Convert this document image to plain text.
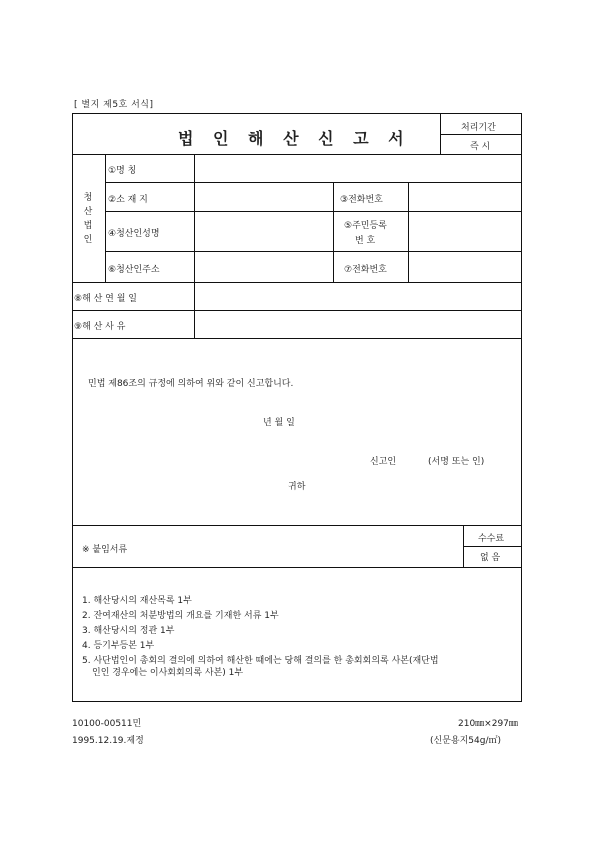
[ 별지 제5호 서식]
법 인 해 산 신 고 서
처리기간
즉 시
청
산
법
인
①명 칭
②소 재 지	③전화번호
④청산인성명
⑤주민등록
번 호
⑥청산인주소	⑦전화번호
⑧해 산 연 월 일
⑨해 산 사 유
민법 제86조의 규정에 의하여 위와 같이 신고합니다.
년 월 일
신고인	(서명 또는 인)
귀하
※ 붙임서류
수수료
없 음
1. 해산당시의 재산목록 1부
2. 잔여재산의 처분방법의 개요를 기재한 서류 1부
3. 해산당시의 정관 1부
4. 등기부등본 1부
5. 사단법인이 총회의 결의에 의하여 해산한 때에는 당해 결의를 한 총회회의록 사본(재단법
인인 경우에는 이사회회의록 사본) 1부
10100-00511민
1995.12.19.제정
210㎜×297㎜
(신문용지54g/㎡)
